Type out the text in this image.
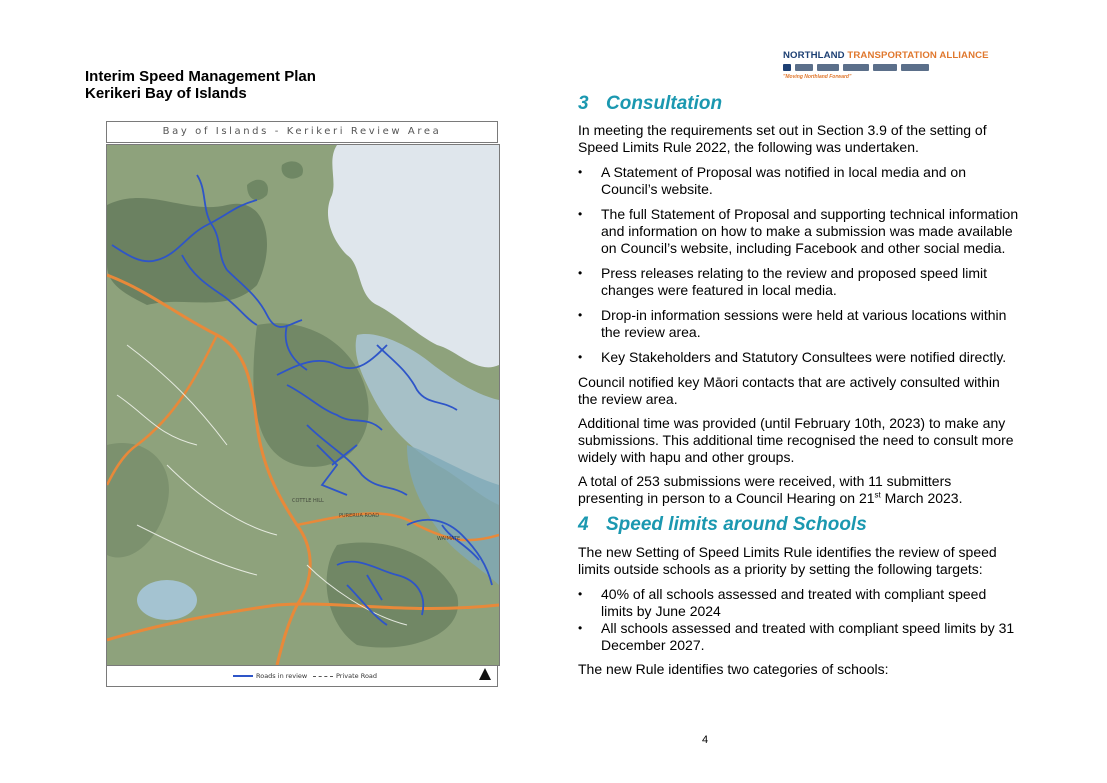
Interim Speed Management Plan
Kerikeri Bay of Islands
NORTHLAND TRANSPORTATION ALLIANCE
"Moving Northland Forward"
Bay of Islands - Kerikeri Review Area
COTTLE HILL
PURERUA ROAD
WAIMATE
Roads in review	Private Road
3 Consultation
In meeting the requirements set out in Section 3.9 of the setting of
Speed Limits Rule 2022, the following was undertaken.
• A Statement of Proposal was notified in local media and on
Council’s website.
• The full Statement of Proposal and supporting technical information
and information on how to make a submission was made available
on Council’s website, including Facebook and other social media.
• Press releases relating to the review and proposed speed limit
changes were featured in local media.
• Drop-in information sessions were held at various locations within
the review area.
• Key Stakeholders and Statutory Consultees were notified directly.
Council notified key Māori contacts that are actively consulted within
the review area.
Additional time was provided (until February 10th, 2023) to make any
submissions. This additional time recognised the need to consult more
widely with hapu and other groups.
A total of 253 submissions were received, with 11 submitters
presenting in person to a Council Hearing on 21st March 2023.
4 Speed limits around Schools
The new Setting of Speed Limits Rule identifies the review of speed
limits outside schools as a priority by setting the following targets:
• 40% of all schools assessed and treated with compliant speed
limits by June 2024
• All schools assessed and treated with compliant speed limits by 31
December 2027.
The new Rule identifies two categories of schools:
4
